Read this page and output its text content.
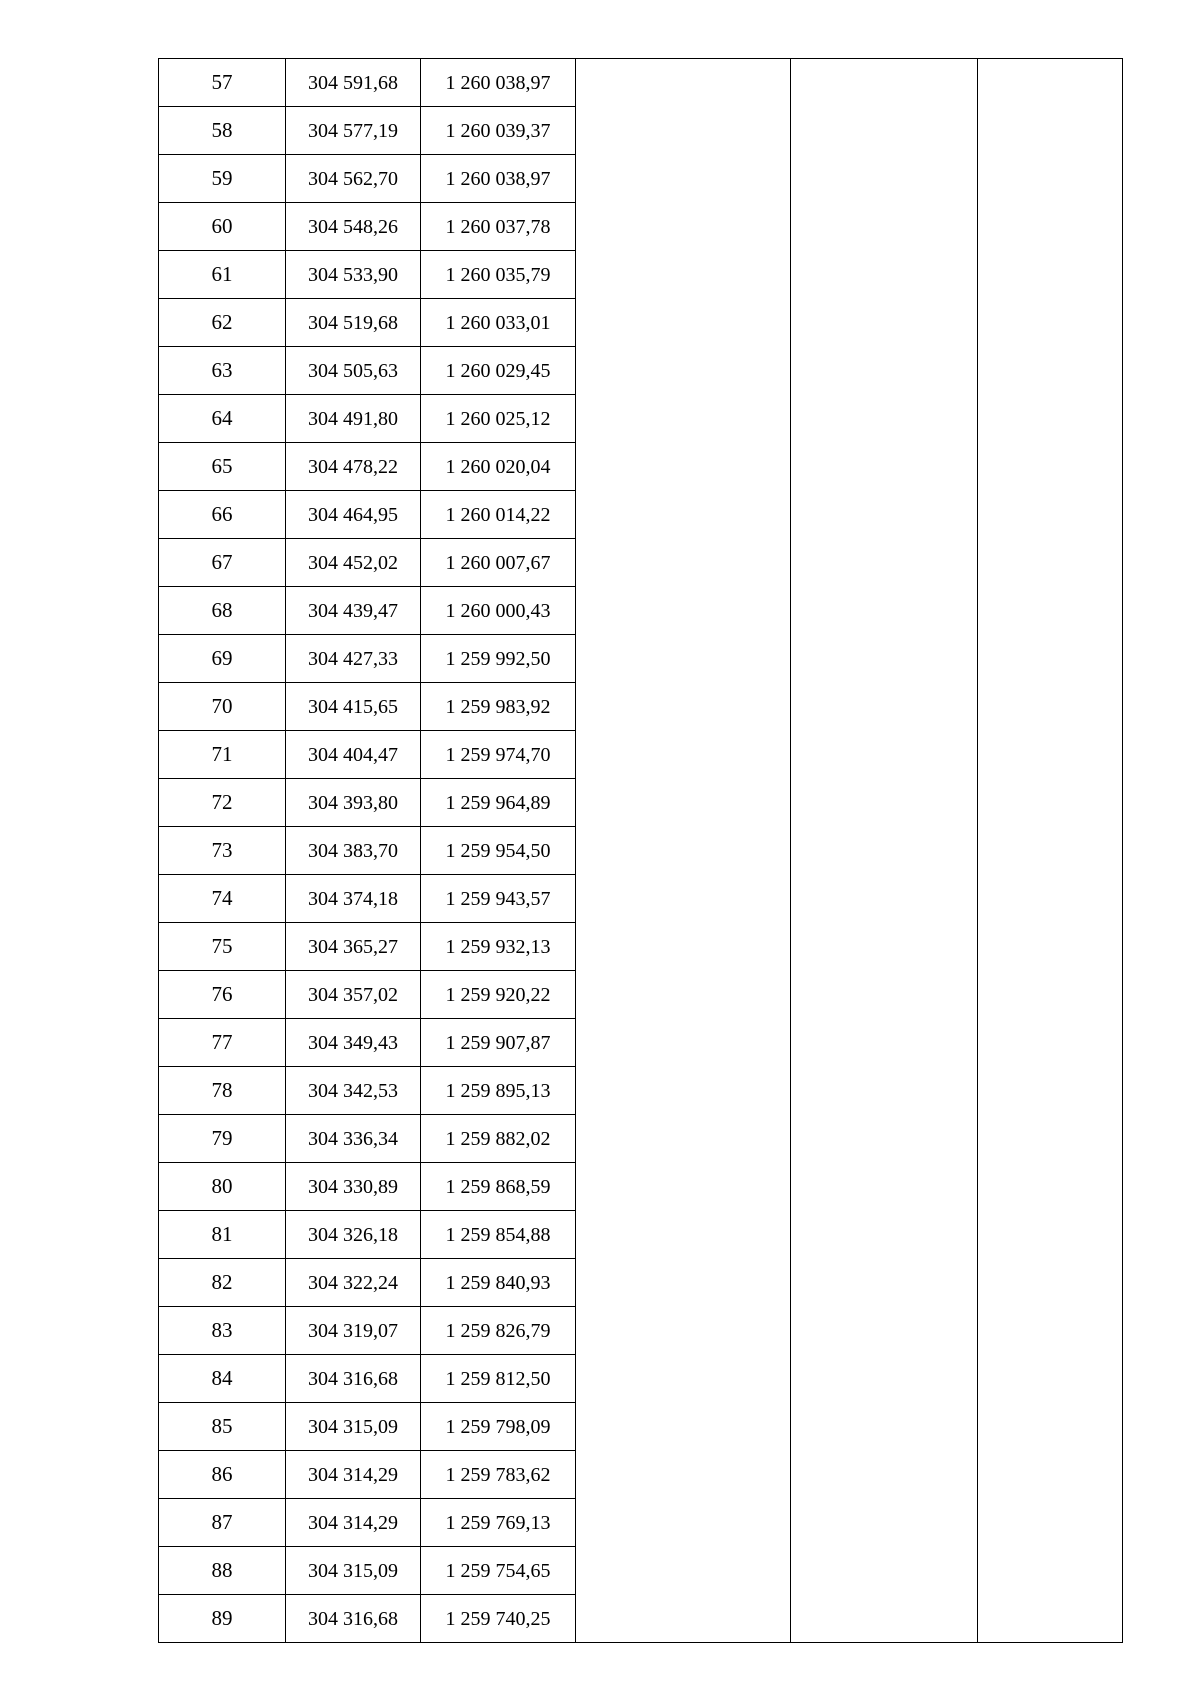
57	304 591,68	1 260 038,97			
58	304 577,19	1 260 039,37			
59	304 562,70	1 260 038,97			
60	304 548,26	1 260 037,78			
61	304 533,90	1 260 035,79			
62	304 519,68	1 260 033,01			
63	304 505,63	1 260 029,45			
64	304 491,80	1 260 025,12			
65	304 478,22	1 260 020,04			
66	304 464,95	1 260 014,22			
67	304 452,02	1 260 007,67			
68	304 439,47	1 260 000,43			
69	304 427,33	1 259 992,50			
70	304 415,65	1 259 983,92			
71	304 404,47	1 259 974,70			
72	304 393,80	1 259 964,89			
73	304 383,70	1 259 954,50			
74	304 374,18	1 259 943,57			
75	304 365,27	1 259 932,13			
76	304 357,02	1 259 920,22			
77	304 349,43	1 259 907,87			
78	304 342,53	1 259 895,13			
79	304 336,34	1 259 882,02			
80	304 330,89	1 259 868,59			
81	304 326,18	1 259 854,88			
82	304 322,24	1 259 840,93			
83	304 319,07	1 259 826,79			
84	304 316,68	1 259 812,50			
85	304 315,09	1 259 798,09			
86	304 314,29	1 259 783,62			
87	304 314,29	1 259 769,13			
88	304 315,09	1 259 754,65			
89	304 316,68	1 259 740,25			
